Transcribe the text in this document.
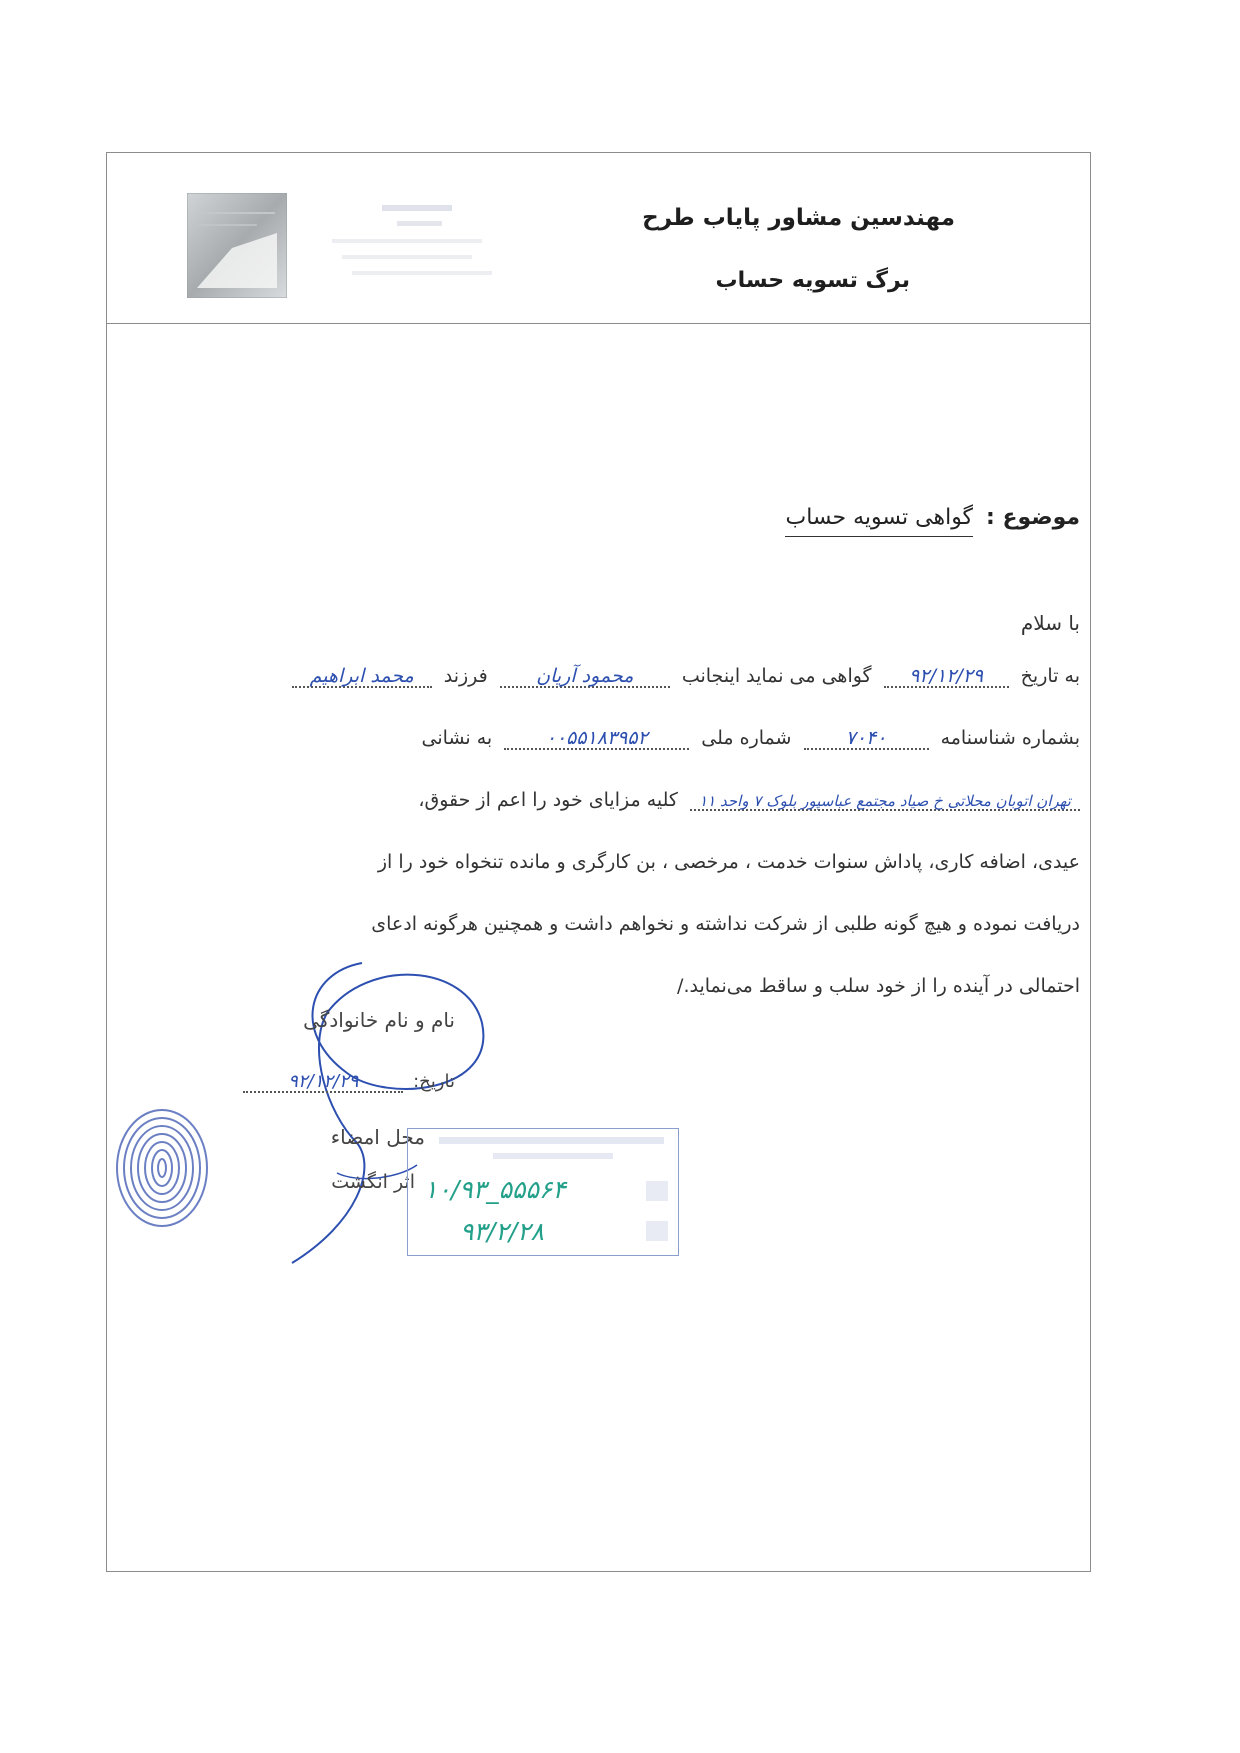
مهندسین مشاور پایاب طرح
برگ تسویه حساب
موضوع : گواهی تسویه حساب
با سلام
به تاریخ ۹۲/۱۲/۲۹ گواهی می نماید اینجانب محمود آریان فرزند محمد ابراهیم
بشماره شناسنامه ۷۰۴۰ شماره ملی ۰۰۵۵۱۸۳۹۵۲ به نشانی
تهران اتوبان محلاتی خ صیاد مجتمع عباسپور بلوک ۷ واحد ۱۱ کلیه مزایای خود را اعم از حقوق،
عیدی، اضافه کاری، پاداش سنوات خدمت ، مرخصی ، بن کارگری و مانده تنخواه خود را از
دریافت نموده و هیچ گونه طلبی از شرکت نداشته و نخواهم داشت و همچنین هرگونه ادعای
احتمالی در آینده را از خود سلب و ساقط می‌نماید./
نام و نام خانوادگی
تاریخ: ۹۲/۱۲/۲۹
محل امضاء
اثر انگشت ۱۰/۹۳_۵۵۵۶۴
۹۳/۲/۲۸
